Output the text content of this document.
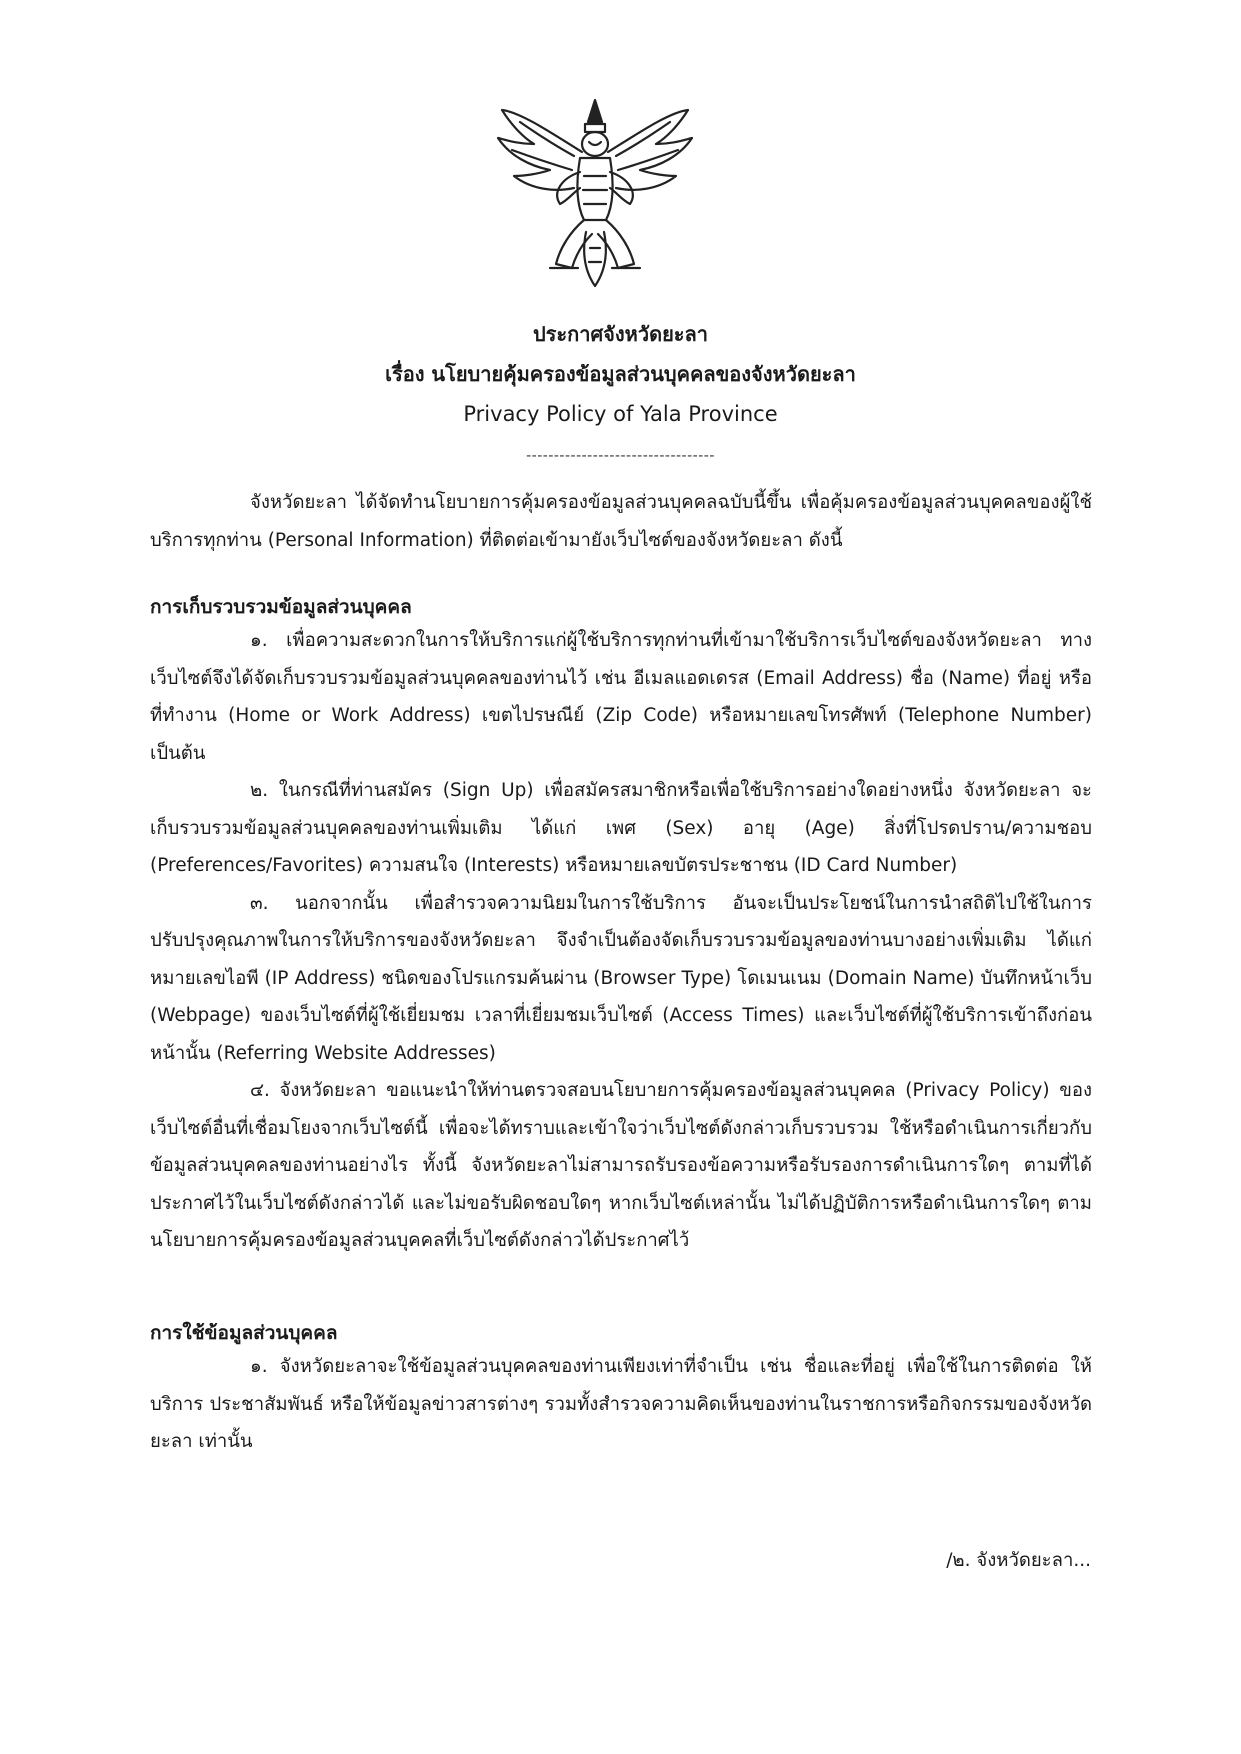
ประกาศจังหวัดยะลา
เรื่อง นโยบายคุ้มครองข้อมูลส่วนบุคคลของจังหวัดยะลา
Privacy Policy of Yala Province
----------------------------------
จังหวัดยะลา ได้จัดทำนโยบายการคุ้มครองข้อมูลส่วนบุคคลฉบับนี้ขึ้น เพื่อคุ้มครองข้อมูลส่วนบุคคลของผู้ใช้บริการทุกท่าน (Personal Information) ที่ติดต่อเข้ามายังเว็บไซต์ของจังหวัดยะลา ดังนี้
การเก็บรวบรวมข้อมูลส่วนบุคคล

๑. เพื่อความสะดวกในการให้บริการแก่ผู้ใช้บริการทุกท่านที่เข้ามาใช้บริการเว็บไซต์ของจังหวัดยะลา ทางเว็บไซต์จึงได้จัดเก็บรวบรวมข้อมูลส่วนบุคคลของท่านไว้ เช่น อีเมลแอดเดรส (Email Address) ชื่อ (Name) ที่อยู่ หรือ ที่ทำงาน (Home or Work Address) เขตไปรษณีย์ (Zip Code) หรือหมายเลขโทรศัพท์ (Telephone Number) เป็นต้น

๒. ในกรณีที่ท่านสมัคร (Sign Up) เพื่อสมัครสมาชิกหรือเพื่อใช้บริการอย่างใดอย่างหนึ่ง จังหวัดยะลา จะเก็บรวบรวมข้อมูลส่วนบุคคลของท่านเพิ่มเติม ได้แก่ เพศ (Sex) อายุ (Age) สิ่งที่โปรดปราน/ความชอบ (Preferences/Favorites) ความสนใจ (Interests) หรือหมายเลขบัตรประชาชน (ID Card Number)

๓. นอกจากนั้น เพื่อสำรวจความนิยมในการใช้บริการ อันจะเป็นประโยชน์ในการนำสถิติไปใช้ในการปรับปรุงคุณภาพในการให้บริการของจังหวัดยะลา จึงจำเป็นต้องจัดเก็บรวบรวมข้อมูลของท่านบางอย่างเพิ่มเติม ได้แก่ หมายเลขไอพี (IP Address) ชนิดของโปรแกรมค้นผ่าน (Browser Type) โดเมนเนม (Domain Name) บันทึกหน้าเว็บ (Webpage) ของเว็บไซต์ที่ผู้ใช้เยี่ยมชม เวลาที่เยี่ยมชมเว็บไซต์ (Access Times) และเว็บไซต์ที่ผู้ใช้บริการเข้าถึงก่อนหน้านั้น (Referring Website Addresses)

๔. จังหวัดยะลา ขอแนะนำให้ท่านตรวจสอบนโยบายการคุ้มครองข้อมูลส่วนบุคคล (Privacy Policy) ของเว็บไซต์อื่นที่เชื่อมโยงจากเว็บไซต์นี้ เพื่อจะได้ทราบและเข้าใจว่าเว็บไซต์ดังกล่าวเก็บรวบรวม ใช้หรือดำเนินการเกี่ยวกับข้อมูลส่วนบุคคลของท่านอย่างไร ทั้งนี้ จังหวัดยะลาไม่สามารถรับรองข้อความหรือรับรองการดำเนินการใดๆ ตามที่ได้ประกาศไว้ในเว็บไซต์ดังกล่าวได้ และไม่ขอรับผิดชอบใดๆ หากเว็บไซต์เหล่านั้น ไม่ได้ปฏิบัติการหรือดำเนินการใดๆ ตามนโยบายการคุ้มครองข้อมูลส่วนบุคคลที่เว็บไซต์ดังกล่าวได้ประกาศไว้

การใช้ข้อมูลส่วนบุคคล

๑. จังหวัดยะลาจะใช้ข้อมูลส่วนบุคคลของท่านเพียงเท่าที่จำเป็น เช่น ชื่อและที่อยู่ เพื่อใช้ในการติดต่อ ให้บริการ ประชาสัมพันธ์ หรือให้ข้อมูลข่าวสารต่างๆ รวมทั้งสำรวจความคิดเห็นของท่านในราชการหรือกิจกรรมของจังหวัดยะลา เท่านั้น

/๒. จังหวัดยะลา...
